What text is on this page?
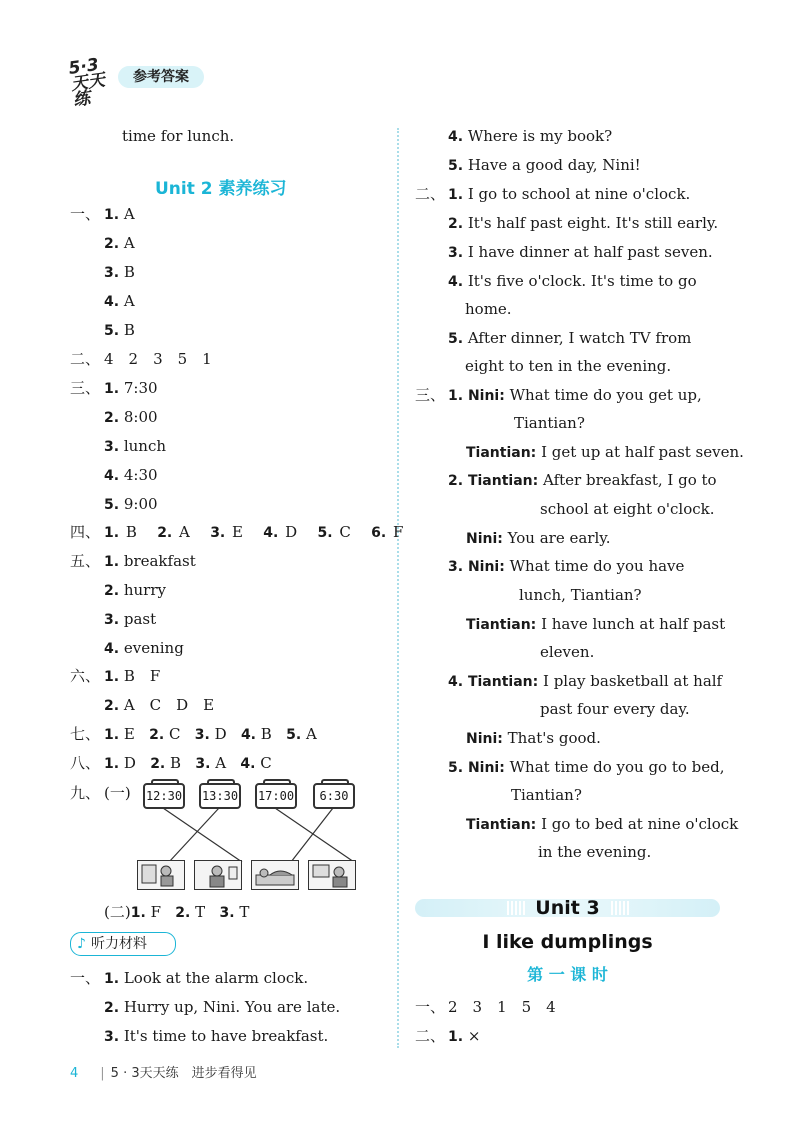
5·3天天练
参考答案
time for lunch.
Unit 2 素养练习
一、 1. A
2. A
3. B
4. A
5. B
二、 4　2　3　5　1
三、 1. 7:30
2. 8:00
3. lunch
4. 4:30
5. 9:00
四、 1. B 2. A 3. E 4. D 5. C 6. F
五、 1. breakfast
2. hurry
3. past
4. evening
六、 1. B　F
2. A　C　D　E
七、 1. E 2. C 3. D 4. B 5. A
八、 1. D 2. B 3. A 4. C
九、 (一) 12:30 13:30 17:00	6:30
(二)1. F 2. T 3. T
♪ 听力材料
一、 1. Look at the alarm clock.
2. Hurry up, Nini. You are late.
3. It's time to have breakfast.
4. Where is my book?
5. Have a good day, Nini!
二、 1. I go to school at nine o'clock.
2. It's half past eight. It's still early.
3. I have dinner at half past seven.
4. It's five o'clock. It's time to go
home.
5. After dinner, I watch TV from
eight to ten in the evening.
三、 1. Nini: What time do you get up,
Tiantian?
Tiantian: I get up at half past seven.
2. Tiantian: After breakfast, I go to
school at eight o'clock.
Nini: You are early.
3. Nini: What time do you have
lunch, Tiantian?
Tiantian: I have lunch at half past
eleven.
4. Tiantian: I play basketball at half
past four every day.
Nini: That's good.
5. Nini: What time do you go to bed,
Tiantian?
Tiantian: I go to bed at nine o'clock
in the evening.
Unit 3
I like dumplings
第 一 课 时
一、 2　3　1　5　4
二、 1. ×
4 | 5 · 3天天练　进步看得见
